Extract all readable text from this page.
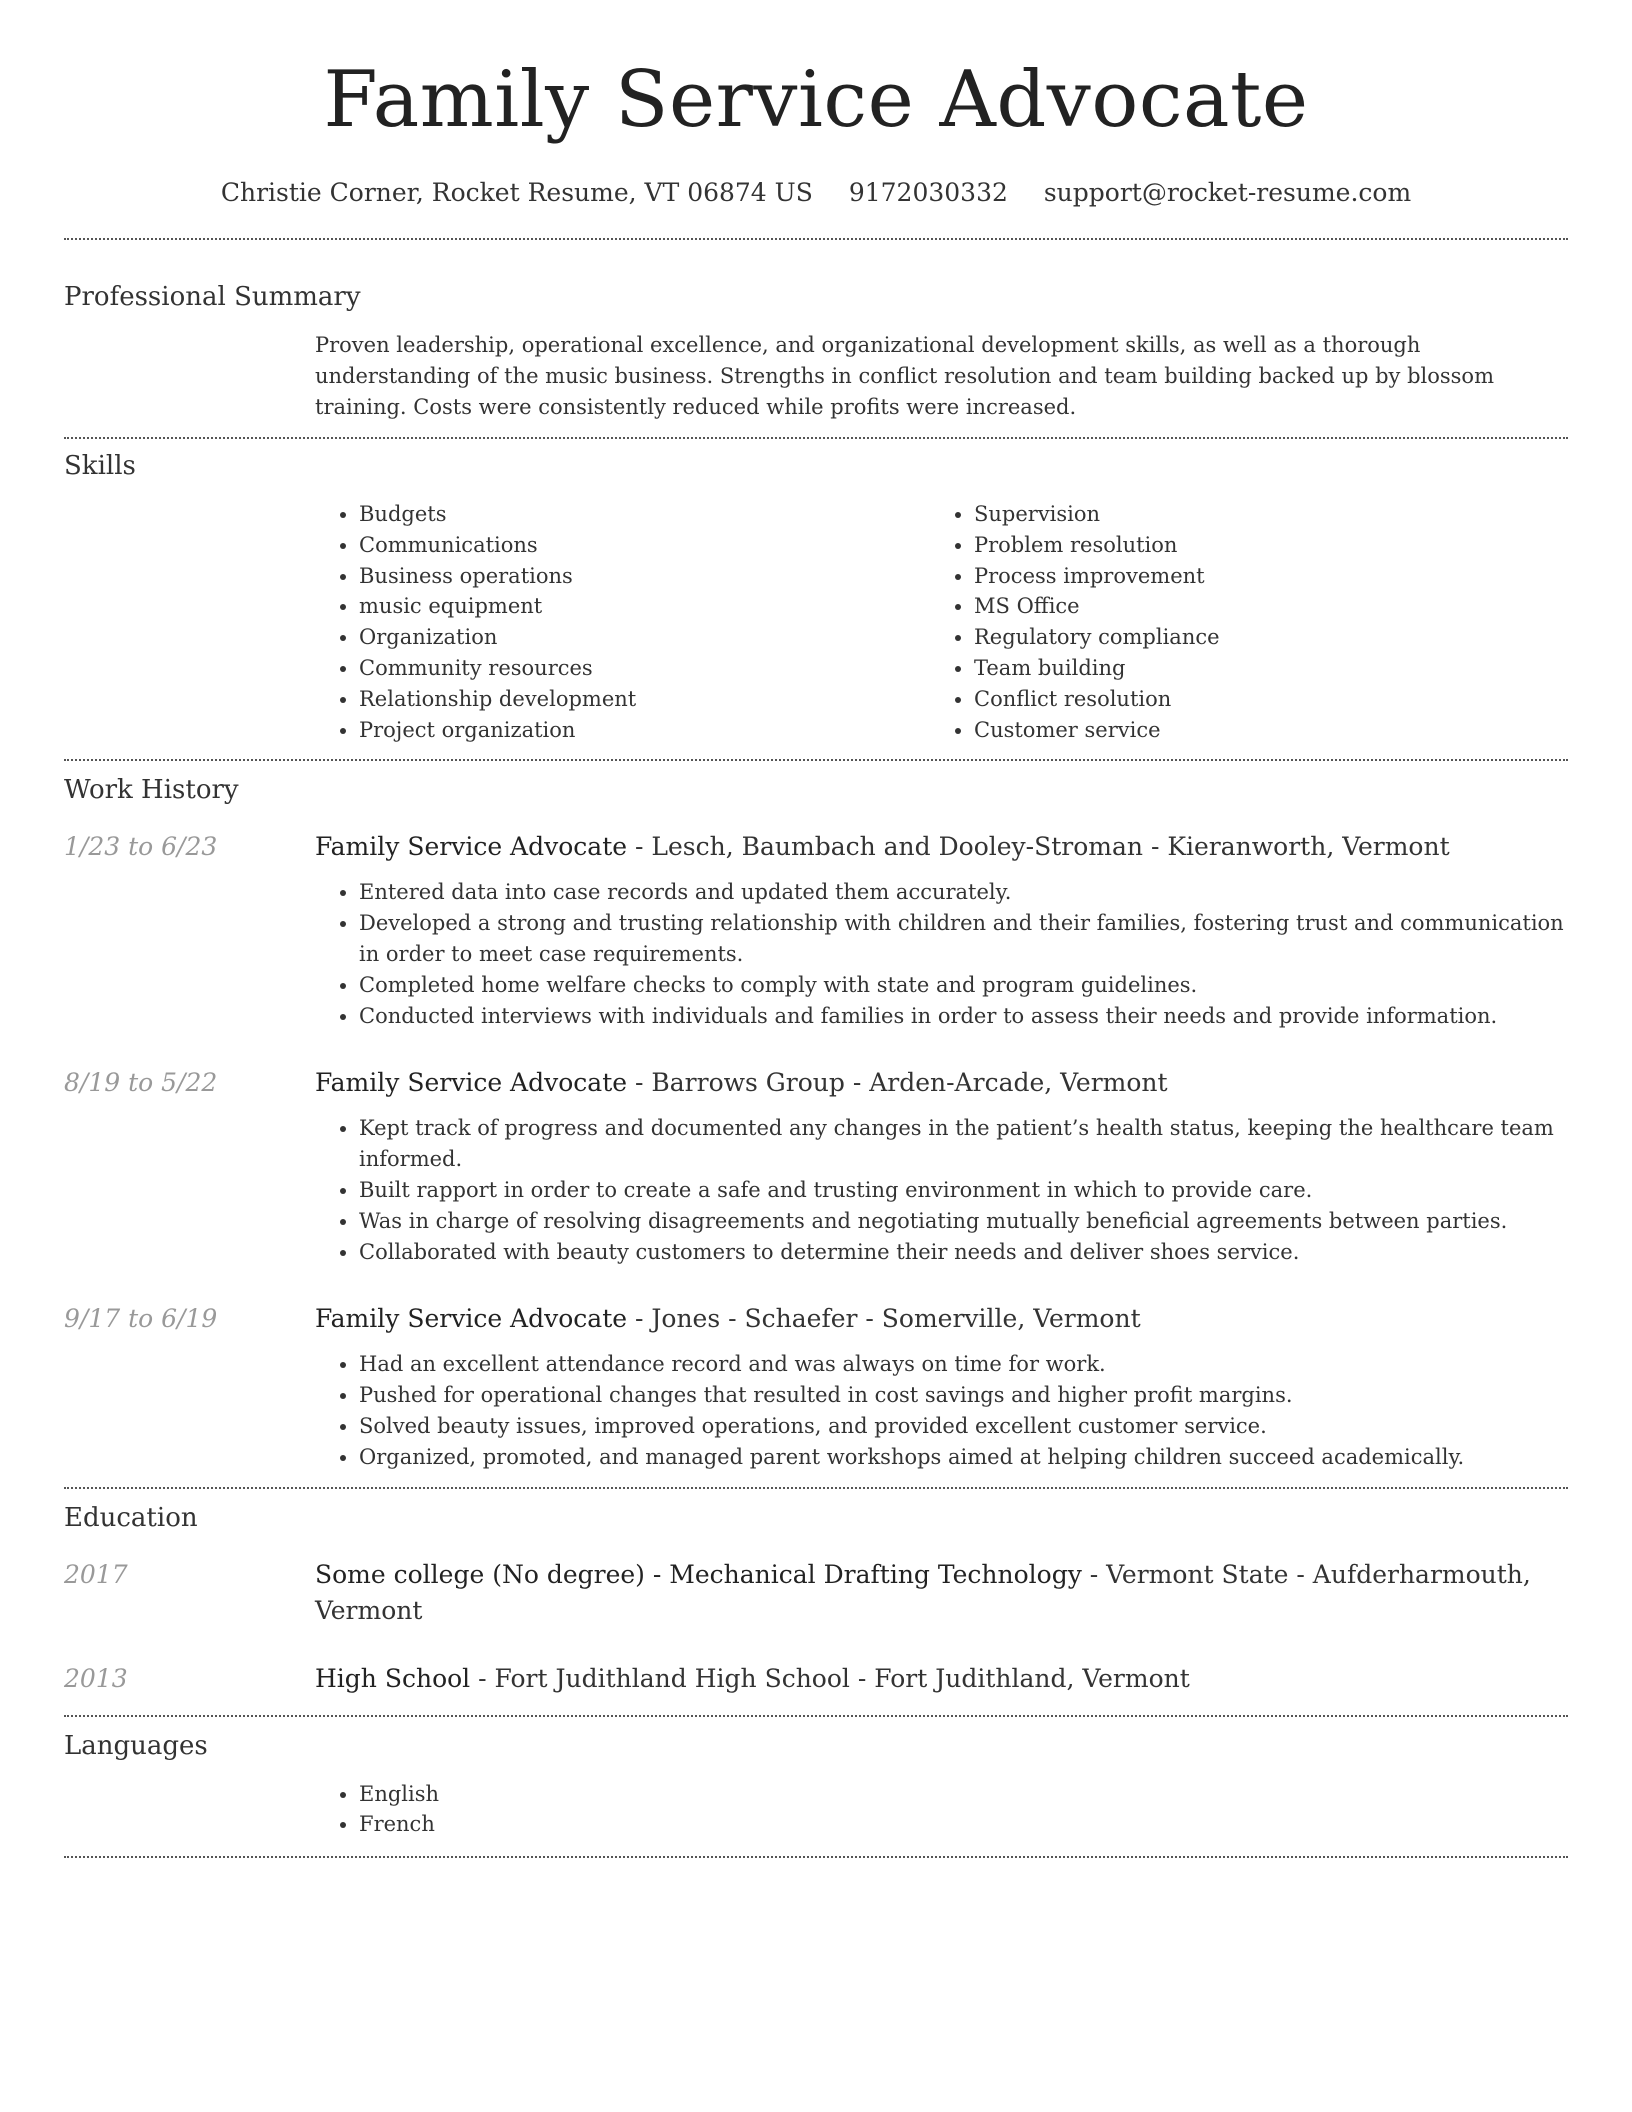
Family Service Advocate
Christie Corner, Rocket Resume, VT 06874 US 9172030332 support@rocket-resume.com
Professional Summary

Proven leadership, operational excellence, and organizational development skills, as well as a thorough understanding of the music business. Strengths in conflict resolution and team building backed up by blossom training. Costs were consistently reduced while profits were increased.

Skills
• Budgets
• Communications
• Business operations
• music equipment
• Organization
• Community resources
• Relationship development
• Project organization
• Supervision
• Problem resolution
• Process improvement
• MS Office
• Regulatory compliance
• Team building
• Conflict resolution
• Customer service
Work History
1/23 to 6/23	Family Service Advocate - Lesch, Baumbach and Dooley-Stroman - Kieranworth, Vermont
• Entered data into case records and updated them accurately.
• Developed a strong and trusting relationship with children and their families, fostering trust and communication in order to meet case requirements.
• Completed home welfare checks to comply with state and program guidelines.
• Conducted interviews with individuals and families in order to assess their needs and provide information.
8/19 to 5/22	Family Service Advocate - Barrows Group - Arden-Arcade, Vermont
• Kept track of progress and documented any changes in the patient’s health status, keeping the healthcare team informed.
• Built rapport in order to create a safe and trusting environment in which to provide care.
• Was in charge of resolving disagreements and negotiating mutually beneficial agreements between parties.
• Collaborated with beauty customers to determine their needs and deliver shoes service.
9/17 to 6/19	Family Service Advocate - Jones - Schaefer - Somerville, Vermont
• Had an excellent attendance record and was always on time for work.
• Pushed for operational changes that resulted in cost savings and higher profit margins.
• Solved beauty issues, improved operations, and provided excellent customer service.
• Organized, promoted, and managed parent workshops aimed at helping children succeed academically.
Education
2017	Some college (No degree) - Mechanical Drafting Technology - Vermont State - Aufderharmouth, Vermont
2013	High School - Fort Judithland High School - Fort Judithland, Vermont
Languages
• English
• French
